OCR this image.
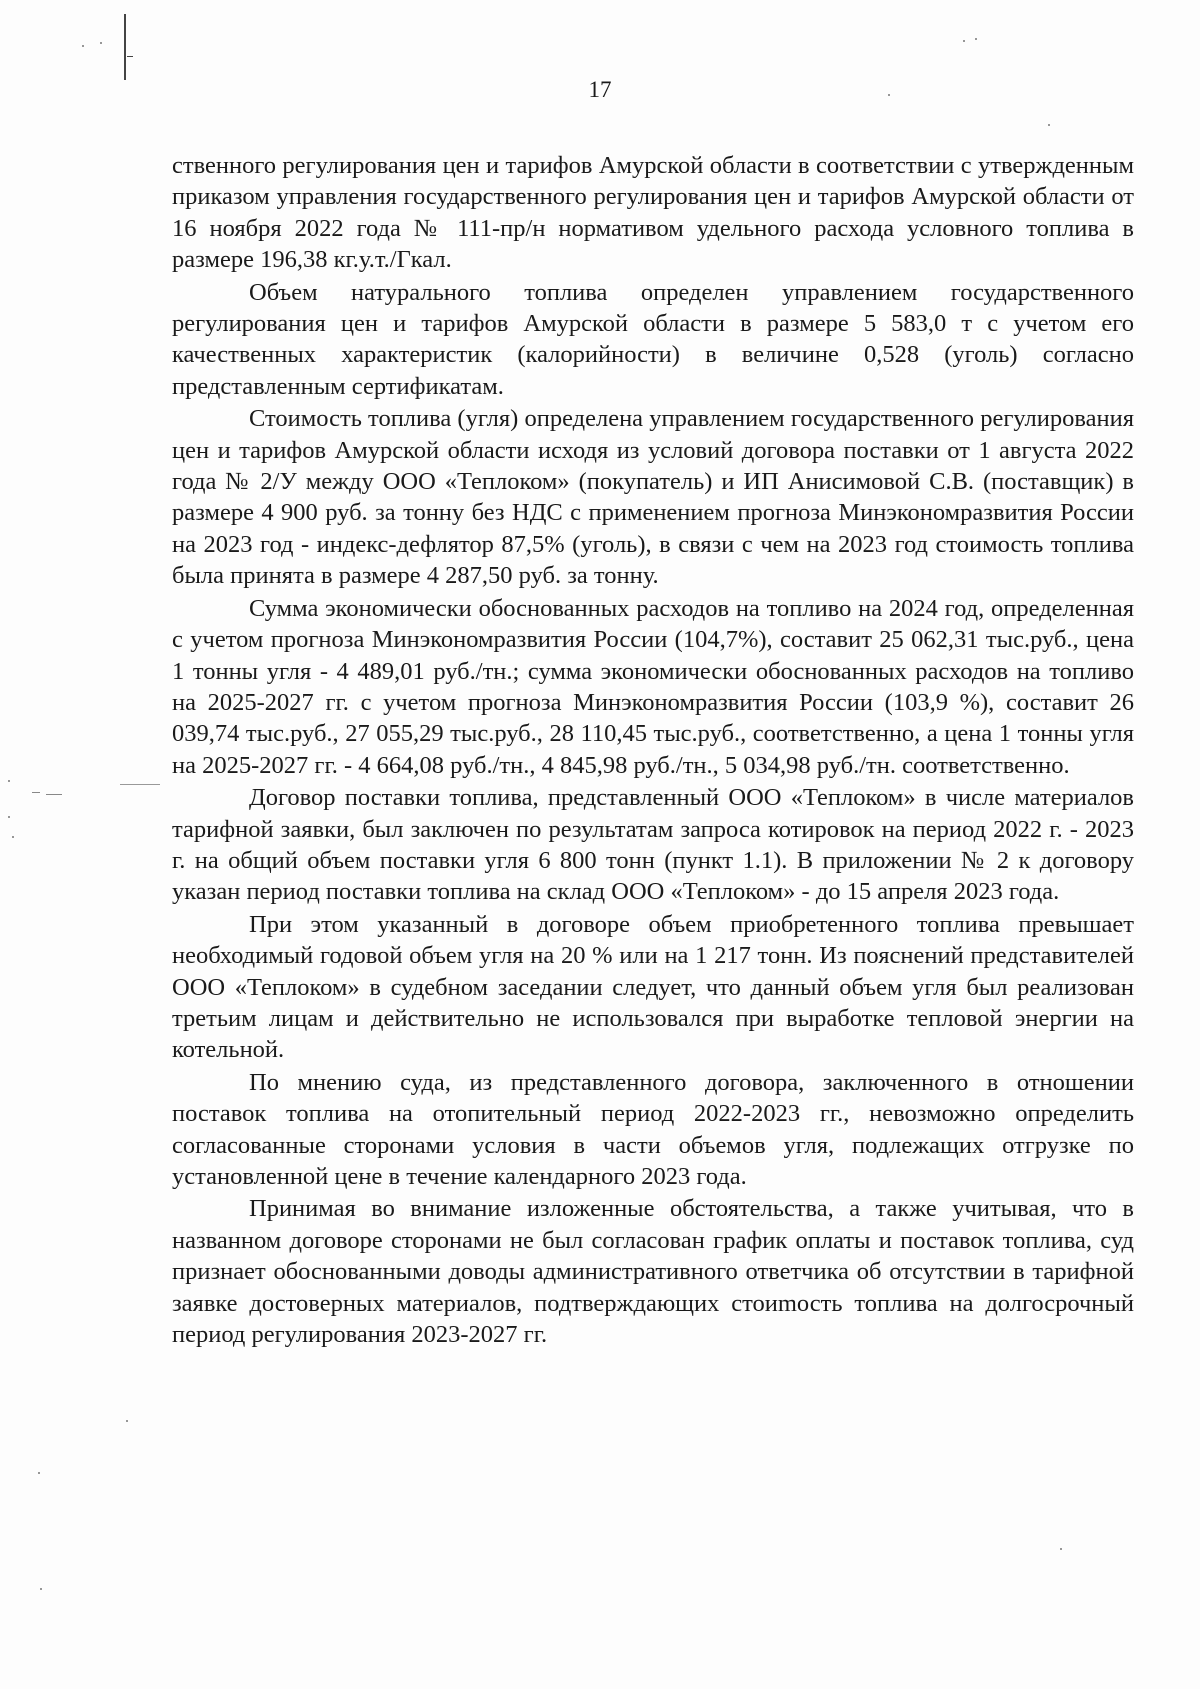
17

ственного регулирования цен и тарифов Амурской области в соответствии с утвержденным приказом управления государственного регулирования цен и тарифов Амурской области от 16 ноября 2022 года № 111-пр/н нормативом удельного расхода условного топлива в размере 196,38 кг.у.т./Гкал.

Объем натурального топлива определен управлением государственного регулирования цен и тарифов Амурской области в размере 5 583,0 т с учетом его качественных характеристик (калорийности) в величине 0,528 (уголь) согласно представленным сертификатам.

Стоимость топлива (угля) определена управлением государственного регулирования цен и тарифов Амурской области исходя из условий договора поставки от 1 августа 2022 года № 2/У между ООО «Теплоком» (покупатель) и ИП Анисимовой С.В. (поставщик) в размере 4 900 руб. за тонну без НДС с применением прогноза Минэкономразвития России на 2023 год - индекс-дефлятор 87,5% (уголь), в связи с чем на 2023 год стоимость топлива была принята в размере 4 287,50 руб. за тонну.

Сумма экономически обоснованных расходов на топливо на 2024 год, определенная с учетом прогноза Минэкономразвития России (104,7%), составит 25 062,31 тыс.руб., цена 1 тонны угля - 4 489,01 руб./тн.; сумма экономически обоснованных расходов на топливо на 2025-2027 гг. с учетом прогноза Минэкономразвития России (103,9 %), составит 26 039,74 тыс.руб., 27 055,29 тыс.руб., 28 110,45 тыс.руб., соответственно, а цена 1 тонны угля на 2025-2027 гг. - 4 664,08 руб./тн., 4 845,98 руб./тн., 5 034,98 руб./тн. соответственно.

Договор поставки топлива, представленный ООО «Теплоком» в числе материалов тарифной заявки, был заключен по результатам запроса котировок на период 2022 г. - 2023 г. на общий объем поставки угля 6 800 тонн (пункт 1.1). В приложении № 2 к договору указан период поставки топлива на склад ООО «Теплоком» - до 15 апреля 2023 года.

При этом указанный в договоре объем приобретенного топлива превышает необходимый годовой объем угля на 20 % или на 1 217 тонн. Из пояснений представителей ООО «Теплоком» в судебном заседании следует, что данный объем угля был реализован третьим лицам и действительно не использовался при выработке тепловой энергии на котельной.

По мнению суда, из представленного договора, заключенного в отношении поставок топлива на отопительный период 2022-2023 гг., невозможно определить согласованные сторонами условия в части объемов угля, подлежащих отгрузке по установленной цене в течение календарного 2023 года.

Принимая во внимание изложенные обстоятельства, а также учитывая, что в названном договоре сторонами не был согласован график оплаты и поставок топлива, суд признает обоснованными доводы административного ответчика об отсутствии в тарифной заявке достоверных материалов, подтверждающих стоиmость топлива на долгосрочный период регулирования 2023-2027 гг.
